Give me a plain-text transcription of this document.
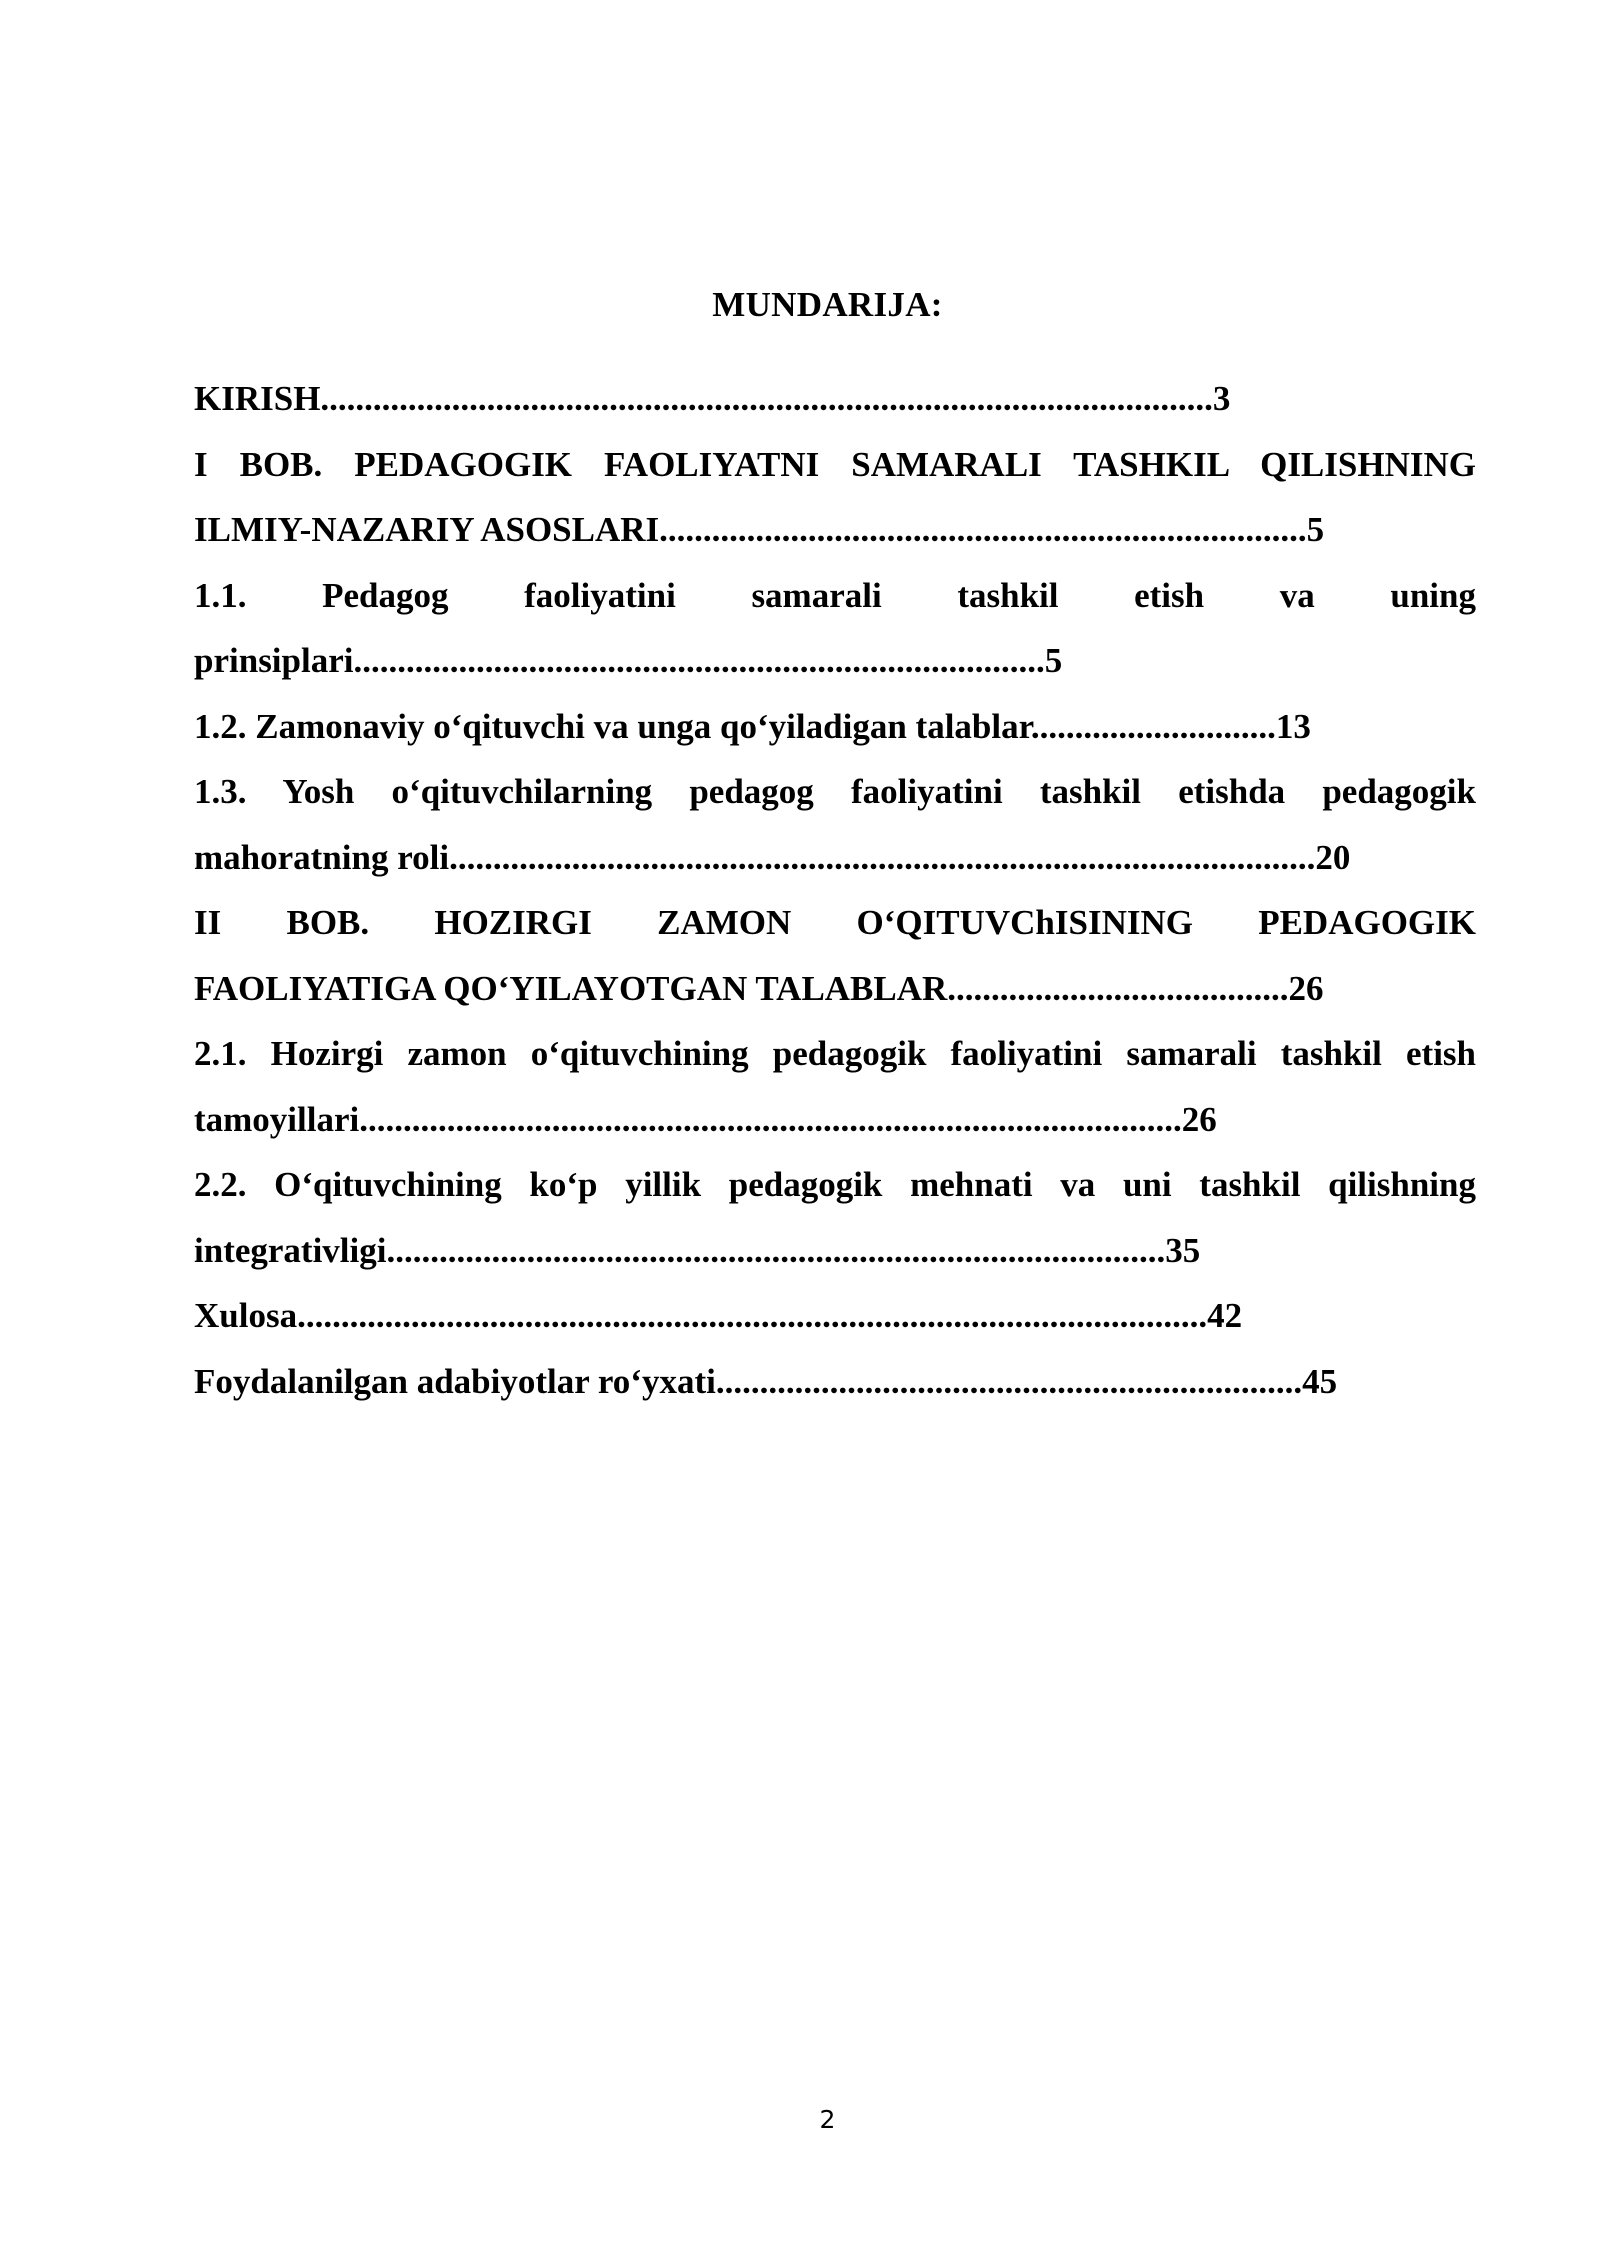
MUNDARIJA:
KIRISH......................................................................................................3
I BOB. PEDAGOGIK FAOLIYATNI SAMARALI TASHKIL QILISHNING
ILMIY-NAZARIY ASOSLARI..........................................................................5
1.1. Pedagog faoliyatini samarali tashkil etish va uning
prinsiplari...............................................................................5
1.2. Zamonaviy o‘qituvchi va unga qo‘yiladigan talablar............................13
1.3. Yosh o‘qituvchilarning pedagog faoliyatini tashkil etishda pedagogik
mahoratning roli...................................................................................................20
II BOB. HOZIRGI ZAMON O‘QITUVChISINING PEDAGOGIK
FAOLIYATIGA QO‘YILAYOTGAN TALABLAR.......................................26
2.1. Hozirgi zamon o‘qituvchining pedagogik faoliyatini samarali tashkil etish
tamoyillari..............................................................................................26
2.2. O‘qituvchining ko‘p yillik pedagogik mehnati va uni tashkil qilishning
integrativligi.........................................................................................35
Xulosa........................................................................................................42
Foydalanilgan adabiyotlar ro‘yxati...................................................................45
2
